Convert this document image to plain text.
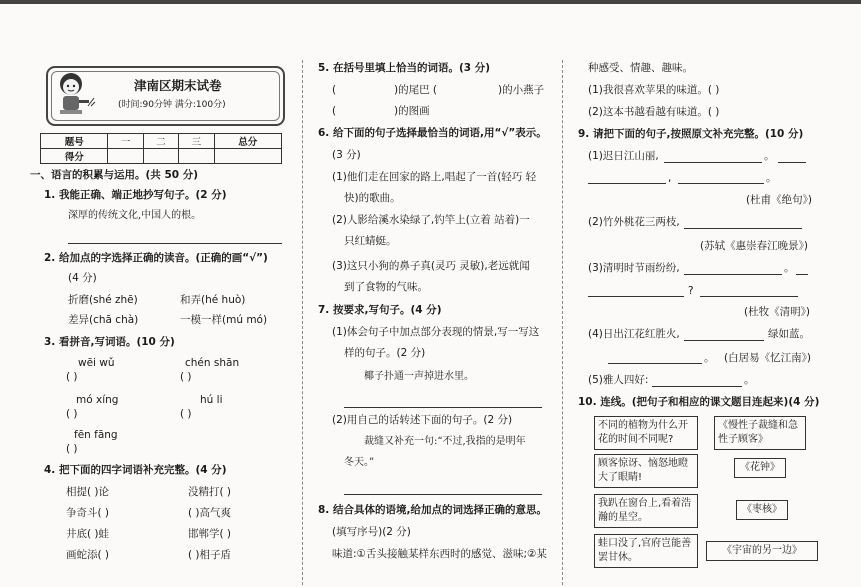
津南区期末试卷
(时间:90分钟 满分:100分)
题号	一	二	三	总分
得分				
一、语言的积累与运用。(共 50 分)
1. 我能正确、端正地抄写句子。(2 分)
深厚的传统文化,中国人的根。
2. 给加点的字选择正确的读音。(正确的画“√”)
(4 分)
折磨(shé zhē)	和弄(hé huò)
差异(chā chà)	一模一样(mú mó)
3. 看拼音,写词语。(10 分)
wēi wǔ	chén shān
( )	( )
mó xíng	hú li
( )	( )
fēn fāng
( )
4. 把下面的四字词语补充完整。(4 分)
相提( )论	没精打( )
争奇斗( )	( )高气爽
井底( )蛙	邯郸学( )
画蛇添( )	( )相子盾
5. 在括号里填上恰当的词语。(3 分)
(	)的尾巴 (	)的小燕子
(	)的图画
6. 给下面的句子选择最恰当的词语,用“√”表示。
(3 分)
(1)他们走在回家的路上,唱起了一首(轻巧 轻
快)的歌曲。
(2)人影给溪水染绿了,钓竿上(立着 站着)一
只红蜻蜓。
(3)这只小狗的鼻子真(灵巧 灵敏),老远就闻
到了食物的气味。
7. 按要求,写句子。(4 分)
(1)体会句子中加点部分表现的情景,写一写这
样的句子。(2 分)
椰子扑通一声掉进水里。
(2)用自己的话转述下面的句子。(2 分)
裁缝又补充一句:“不过,我指的是明年
冬天。”
8. 结合具体的语境,给加点的词选择正确的意思。
(填写序号)(2 分)
味道:①舌头接触某样东西时的感觉、滋味;②某
种感受、情趣、趣味。
(1)我很喜欢苹果的味道。( )
(2)这本书越看越有味道。( )
9. 请把下面的句子,按照原文补充完整。(10 分)
(1)迟日江山丽,	。
,	。
(杜甫《绝句》)
(2)竹外桃花三两枝,
(苏轼《惠崇春江晚景》)
(3)清明时节雨纷纷,	。
?
(杜牧《清明》)
(4)日出江花红胜火,	绿如蓝。
。 (白居易《忆江南》)
(5)雅人四好:	。
10. 连线。(把句子和相应的课文题目连起来)(4 分)
不同的植物为什么开花的时间不同呢?
顾客惊讶、恼怒地瞪大了眼睛!
我趴在窗台上,看着浩瀚的星空。
蛙口没了,官府岂能善罢甘休。
《慢性子裁缝和急性子顾客》
《花钟》
《枣核》
《宇宙的另一边》
